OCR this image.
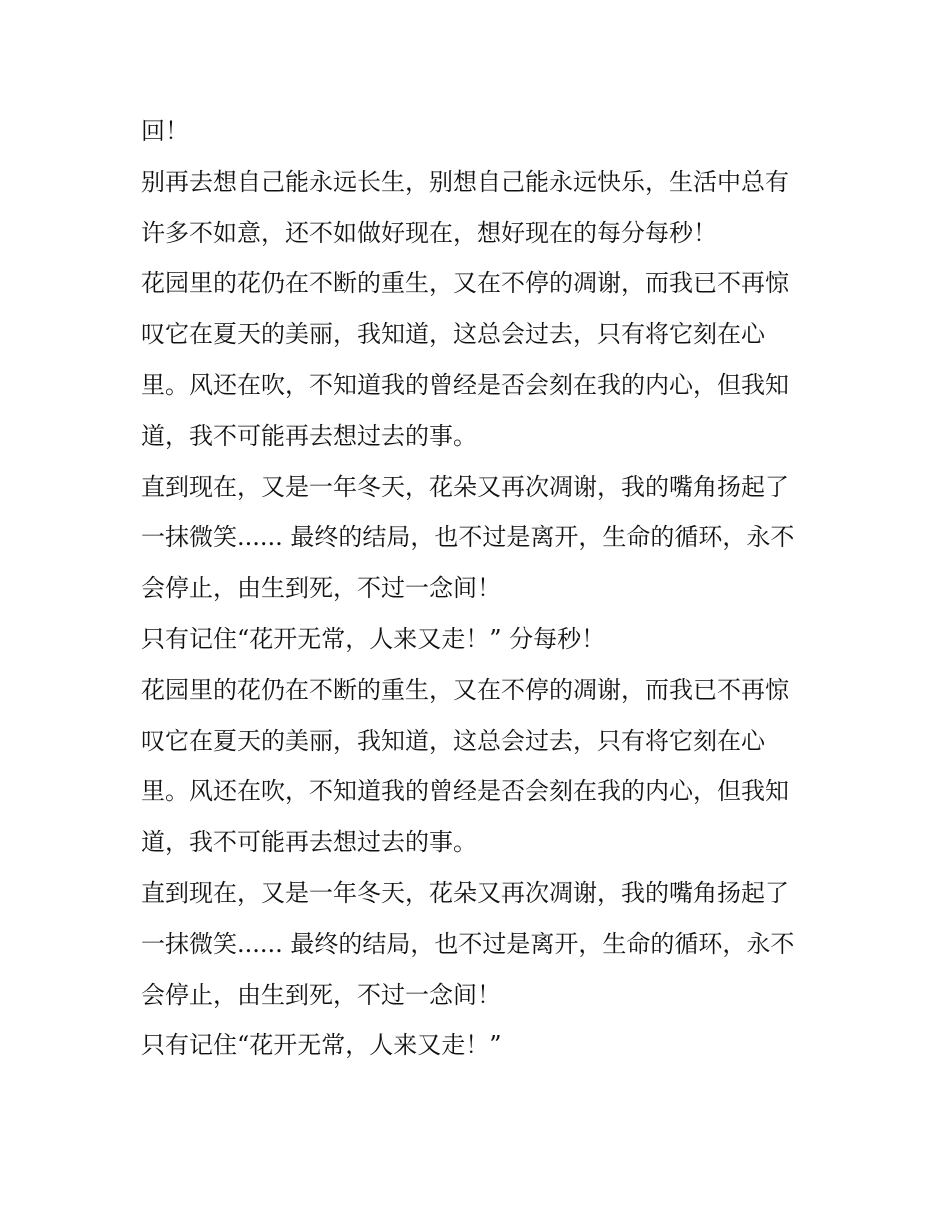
回！
别再去想自己能永远长生，别想自己能永远快乐，生活中总有
许多不如意，还不如做好现在，想好现在的每分每秒！
花园里的花仍在不断的重生，又在不停的凋谢，而我已不再惊
叹它在夏天的美丽，我知道，这总会过去，只有将它刻在心
里。风还在吹，不知道我的曾经是否会刻在我的内心，但我知
道，我不可能再去想过去的事。
直到现在，又是一年冬天，花朵又再次凋谢，我的嘴角扬起了
一抹微笑...... 最终的结局，也不过是离开，生命的循环，永不
会停止，由生到死，不过一念间！
只有记住“花开无常，人来又走！” 分每秒！
花园里的花仍在不断的重生，又在不停的凋谢，而我已不再惊
叹它在夏天的美丽，我知道，这总会过去，只有将它刻在心
里。风还在吹，不知道我的曾经是否会刻在我的内心，但我知
道，我不可能再去想过去的事。
直到现在，又是一年冬天，花朵又再次凋谢，我的嘴角扬起了
一抹微笑...... 最终的结局，也不过是离开，生命的循环，永不
会停止，由生到死，不过一念间！
只有记住“花开无常，人来又走！”
